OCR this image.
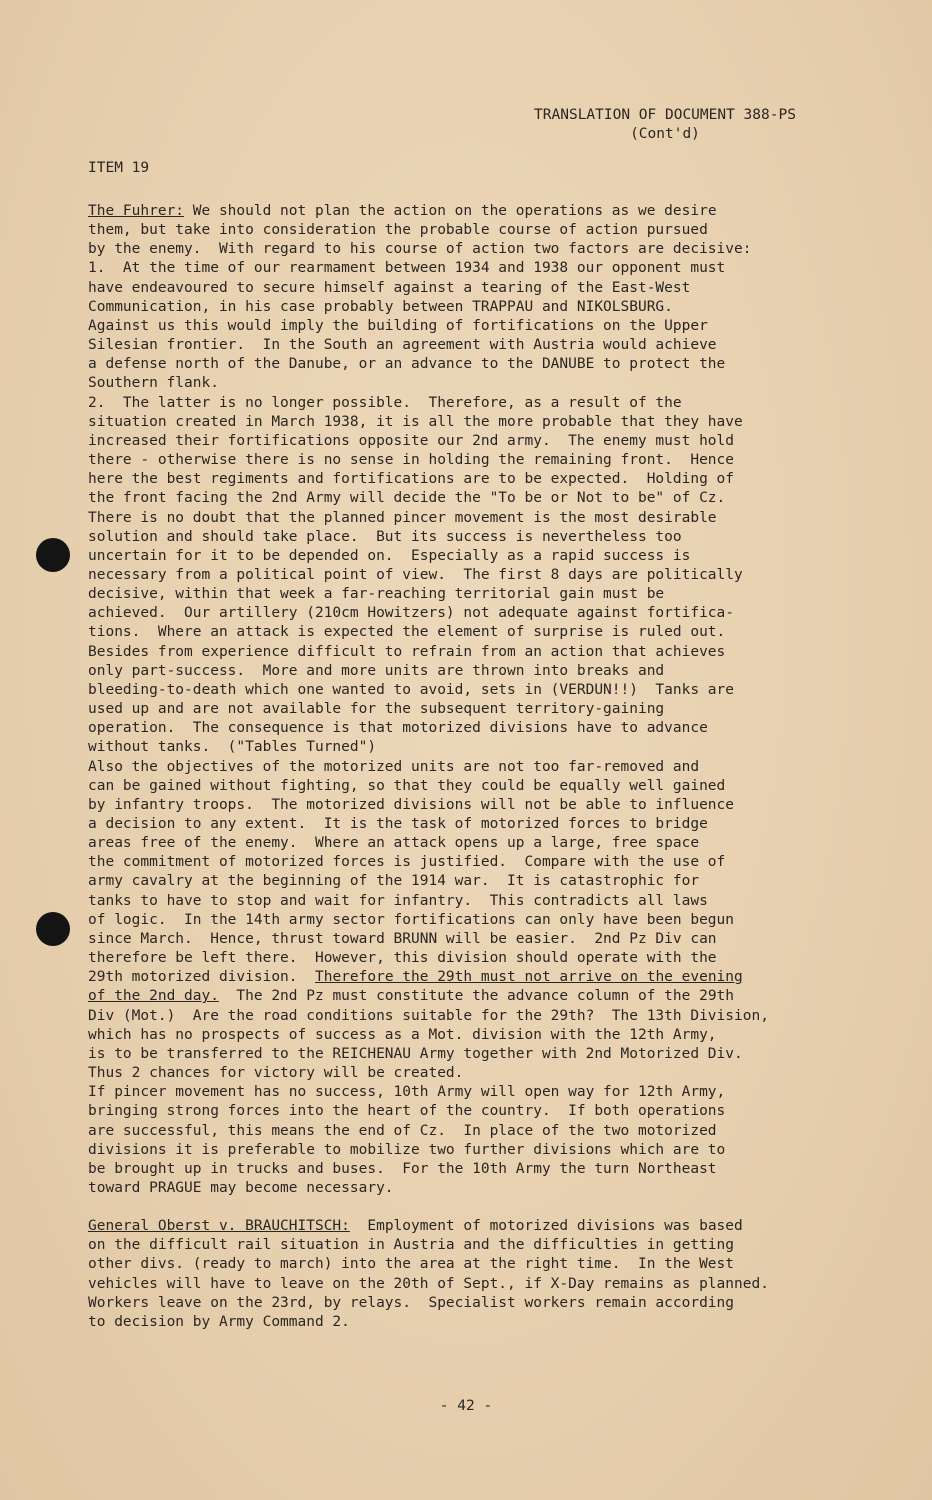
TRANSLATION OF DOCUMENT 388-PS
(Cont'd)
ITEM 19
The Fuhrer: We should not plan the action on the operations as we desire
them, but take into consideration the probable course of action pursued
by the enemy.  With regard to his course of action two factors are decisive:
1.  At the time of our rearmament between 1934 and 1938 our opponent must
have endeavoured to secure himself against a tearing of the East-West
Communication, in his case probably between TRAPPAU and NIKOLSBURG.
Against us this would imply the building of fortifications on the Upper
Silesian frontier.  In the South an agreement with Austria would achieve
a defense north of the Danube, or an advance to the DANUBE to protect the
Southern flank.
2.  The latter is no longer possible.  Therefore, as a result of the
situation created in March 1938, it is all the more probable that they have
increased their fortifications opposite our 2nd army.  The enemy must hold
there - otherwise there is no sense in holding the remaining front.  Hence
here the best regiments and fortifications are to be expected.  Holding of
the front facing the 2nd Army will decide the "To be or Not to be" of Cz.
There is no doubt that the planned pincer movement is the most desirable
solution and should take place.  But its success is nevertheless too
uncertain for it to be depended on.  Especially as a rapid success is
necessary from a political point of view.  The first 8 days are politically
decisive, within that week a far-reaching territorial gain must be
achieved.  Our artillery (210cm Howitzers) not adequate against fortifica-
tions.  Where an attack is expected the element of surprise is ruled out.
Besides from experience difficult to refrain from an action that achieves
only part-success.  More and more units are thrown into breaks and
bleeding-to-death which one wanted to avoid, sets in (VERDUN!!)  Tanks are
used up and are not available for the subsequent territory-gaining
operation.  The consequence is that motorized divisions have to advance
without tanks.  ("Tables Turned")
Also the objectives of the motorized units are not too far-removed and
can be gained without fighting, so that they could be equally well gained
by infantry troops.  The motorized divisions will not be able to influence
a decision to any extent.  It is the task of motorized forces to bridge
areas free of the enemy.  Where an attack opens up a large, free space
the commitment of motorized forces is justified.  Compare with the use of
army cavalry at the beginning of the 1914 war.  It is catastrophic for
tanks to have to stop and wait for infantry.  This contradicts all laws
of logic.  In the 14th army sector fortifications can only have been begun
since March.  Hence, thrust toward BRUNN will be easier.  2nd Pz Div can
therefore be left there.  However, this division should operate with the
29th motorized division.  Therefore the 29th must not arrive on the evening
of the 2nd day.  The 2nd Pz must constitute the advance column of the 29th
Div (Mot.)  Are the road conditions suitable for the 29th?  The 13th Division,
which has no prospects of success as a Mot. division with the 12th Army,
is to be transferred to the REICHENAU Army together with 2nd Motorized Div.
Thus 2 chances for victory will be created.
If pincer movement has no success, 10th Army will open way for 12th Army,
bringing strong forces into the heart of the country.  If both operations
are successful, this means the end of Cz.  In place of the two motorized
divisions it is preferable to mobilize two further divisions which are to
be brought up in trucks and buses.  For the 10th Army the turn Northeast
toward PRAGUE may become necessary.
General Oberst v. BRAUCHITSCH:  Employment of motorized divisions was based
on the difficult rail situation in Austria and the difficulties in getting
other divs. (ready to march) into the area at the right time.  In the West
vehicles will have to leave on the 20th of Sept., if X-Day remains as planned.
Workers leave on the 23rd, by relays.  Specialist workers remain according
to decision by Army Command 2.
- 42 -
